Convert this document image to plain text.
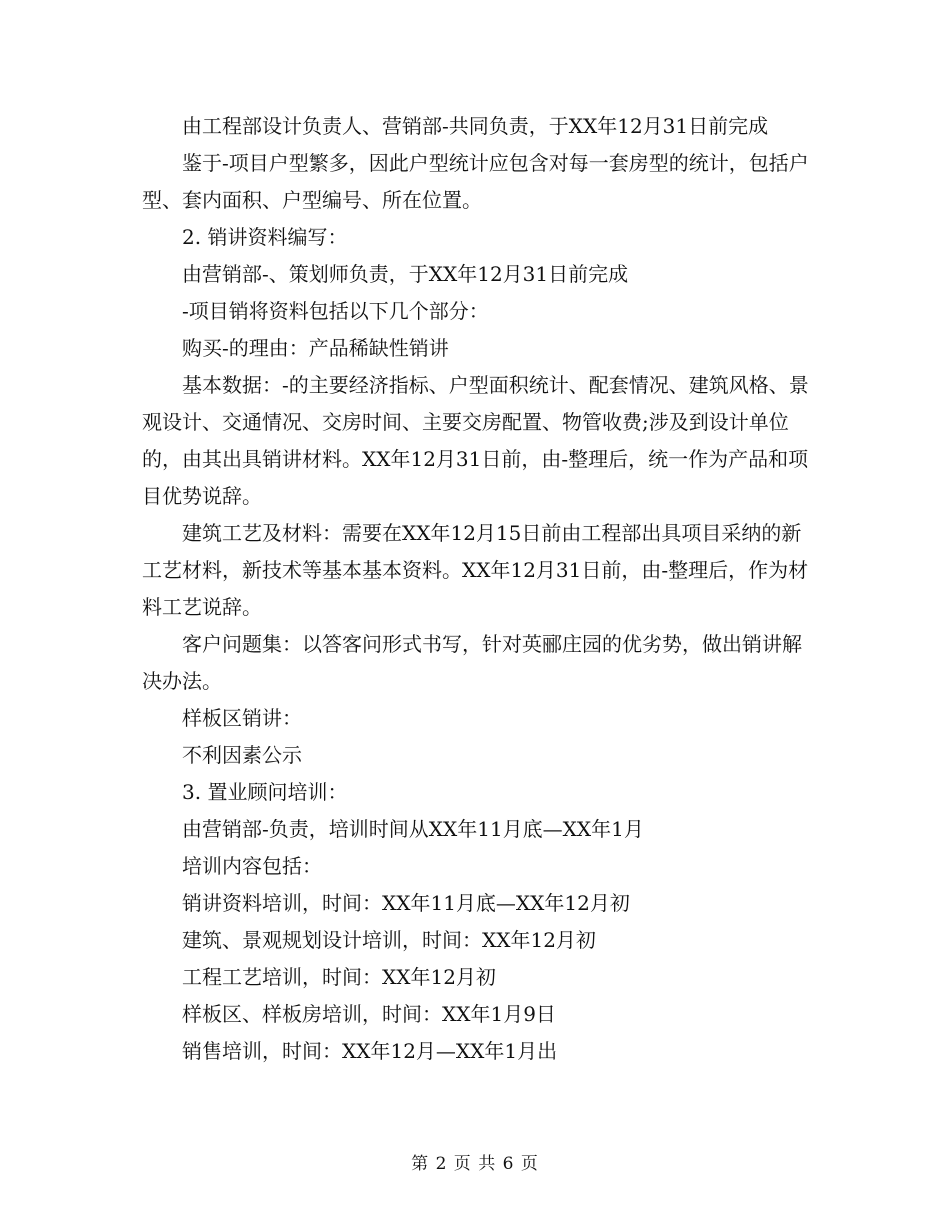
由工程部设计负责人、营销部-共同负责，于XX年12月31日前完成

鉴于-项目户型繁多，因此户型统计应包含对每一套房型的统计，包括户型、套内面积、户型编号、所在位置。

2. 销讲资料编写：

由营销部-、策划师负责，于XX年12月31日前完成

-项目销将资料包括以下几个部分：

购买-的理由：产品稀缺性销讲

基本数据：-的主要经济指标、户型面积统计、配套情况、建筑风格、景观设计、交通情况、交房时间、主要交房配置、物管收费;涉及到设计单位的，由其出具销讲材料。XX年12月31日前，由-整理后，统一作为产品和项目优势说辞。

建筑工艺及材料：需要在XX年12月15日前由工程部出具项目采纳的新工艺材料，新技术等基本基本资料。XX年12月31日前，由-整理后，作为材料工艺说辞。

客户问题集：以答客问形式书写，针对英郦庄园的优劣势，做出销讲解决办法。

样板区销讲：

不利因素公示

3. 置业顾问培训：

由营销部-负责，培训时间从XX年11月底—XX年1月

培训内容包括：

销讲资料培训，时间：XX年11月底—XX年12月初

建筑、景观规划设计培训，时间：XX年12月初

工程工艺培训，时间：XX年12月初

样板区、样板房培训，时间：XX年1月9日

销售培训，时间：XX年12月—XX年1月出

第 2 页 共 6 页
